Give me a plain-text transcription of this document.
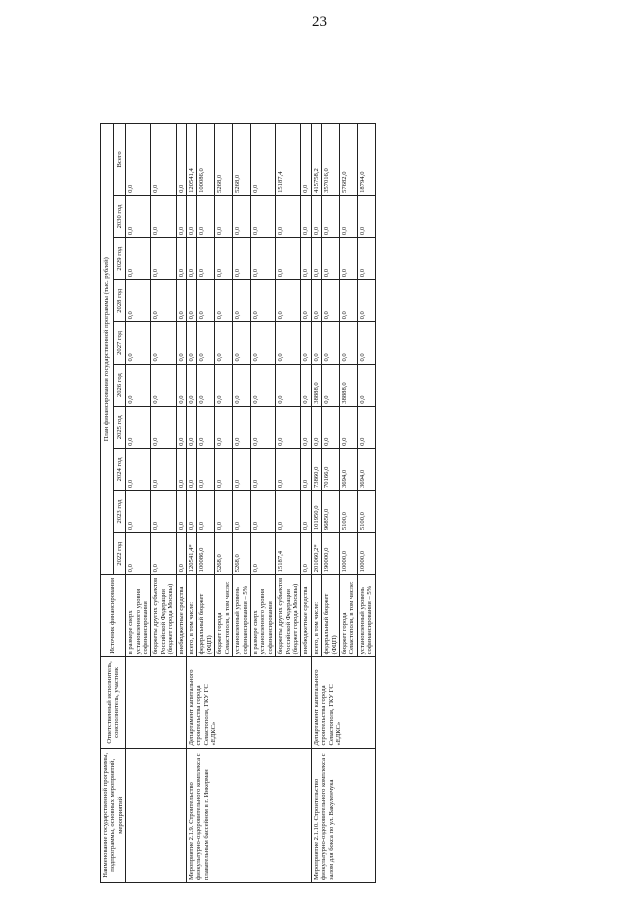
23
Наименование государственной программы, подпрограммы, основных мероприятий, мероприятий	Ответственный исполнитель, соисполнитель, участник	Источник финансирования	План финансирования государственной программы (тыс. рублей)									
			2022 год	2023 год	2024 год	2025 год	2026 год	2027 год	2028 год	2029 год	2030 год	Всего
		в размере сверх установленного уровня софинансирования	0,0	0,0	0,0	0,0	0,0	0,0	0,0	0,0	0,0	0,0
		бюджеты других субъектов Российской Федерации (бюджет города Москвы)	0,0	0,0	0,0	0,0	0,0	0,0	0,0	0,0	0,0	0,0
		внебюджетные средства	0,0	0,0	0,0	0,0	0,0	0,0	0,0	0,0	0,0	0,0
Мероприятие 2.1.9. Строительство физкультурно-оздоровительного комплекса с плавательным бассейном в г. Инкерман	Департамент капитального строительства города Севастополя, ГКУ ГС «ЕДКС»	всего, в том числе:	120541,4*	0,0	0,0	0,0	0,0	0,0	0,0	0,0	0,0	120541,4
		федеральный бюджет (ФЦП)	100086,0	0,0	0,0	0,0	0,0	0,0	0,0	0,0	0,0	100086,0
		бюджет города Севастополя, в том числе:	5268,0	0,0	0,0	0,0	0,0	0,0	0,0	0,0	0,0	5268,0
		установленный уровень софинансирования – 5%	5268,0	0,0	0,0	0,0	0,0	0,0	0,0	0,0	0,0	5268,0
		в размере сверх установленного уровня софинансирования	0,0	0,0	0,0	0,0	0,0	0,0	0,0	0,0	0,0	0,0
		бюджеты других субъектов Российской Федерации (бюджет города Москвы)	15187,4	0,0	0,0	0,0	0,0	0,0	0,0	0,0	0,0	15187,4
		внебюджетные средства	0,0	0,0	0,0	0,0	0,0	0,0	0,0	0,0	0,0	0,0
Мероприятие 2.1.10. Строительство физкультурно-оздоровительного комплекса с залом для бокса по ул. Вакуленчука	Департамент капитального строительства города Севастополя, ГКУ ГС «ЕДКС»	всего, в том числе:	201060,2*	101950,0	73860,0	0,0	38888,0	0,0	0,0	0,0	0,0	415758,2
		федеральный бюджет (ФЦП)	190000,0	96850,0	70166,0	0,0	0,0	0,0	0,0	0,0	0,0	357016,0
		бюджет города Севастополя, в том числе:	10000,0	5100,0	3694,0	0,0	38888,0	0,0	0,0	0,0	0,0	57682,0
		установленный уровень софинансирования – 5%	10000,0	5100,0	3694,0	0,0	0,0	0,0	0,0	0,0	0,0	18794,0
